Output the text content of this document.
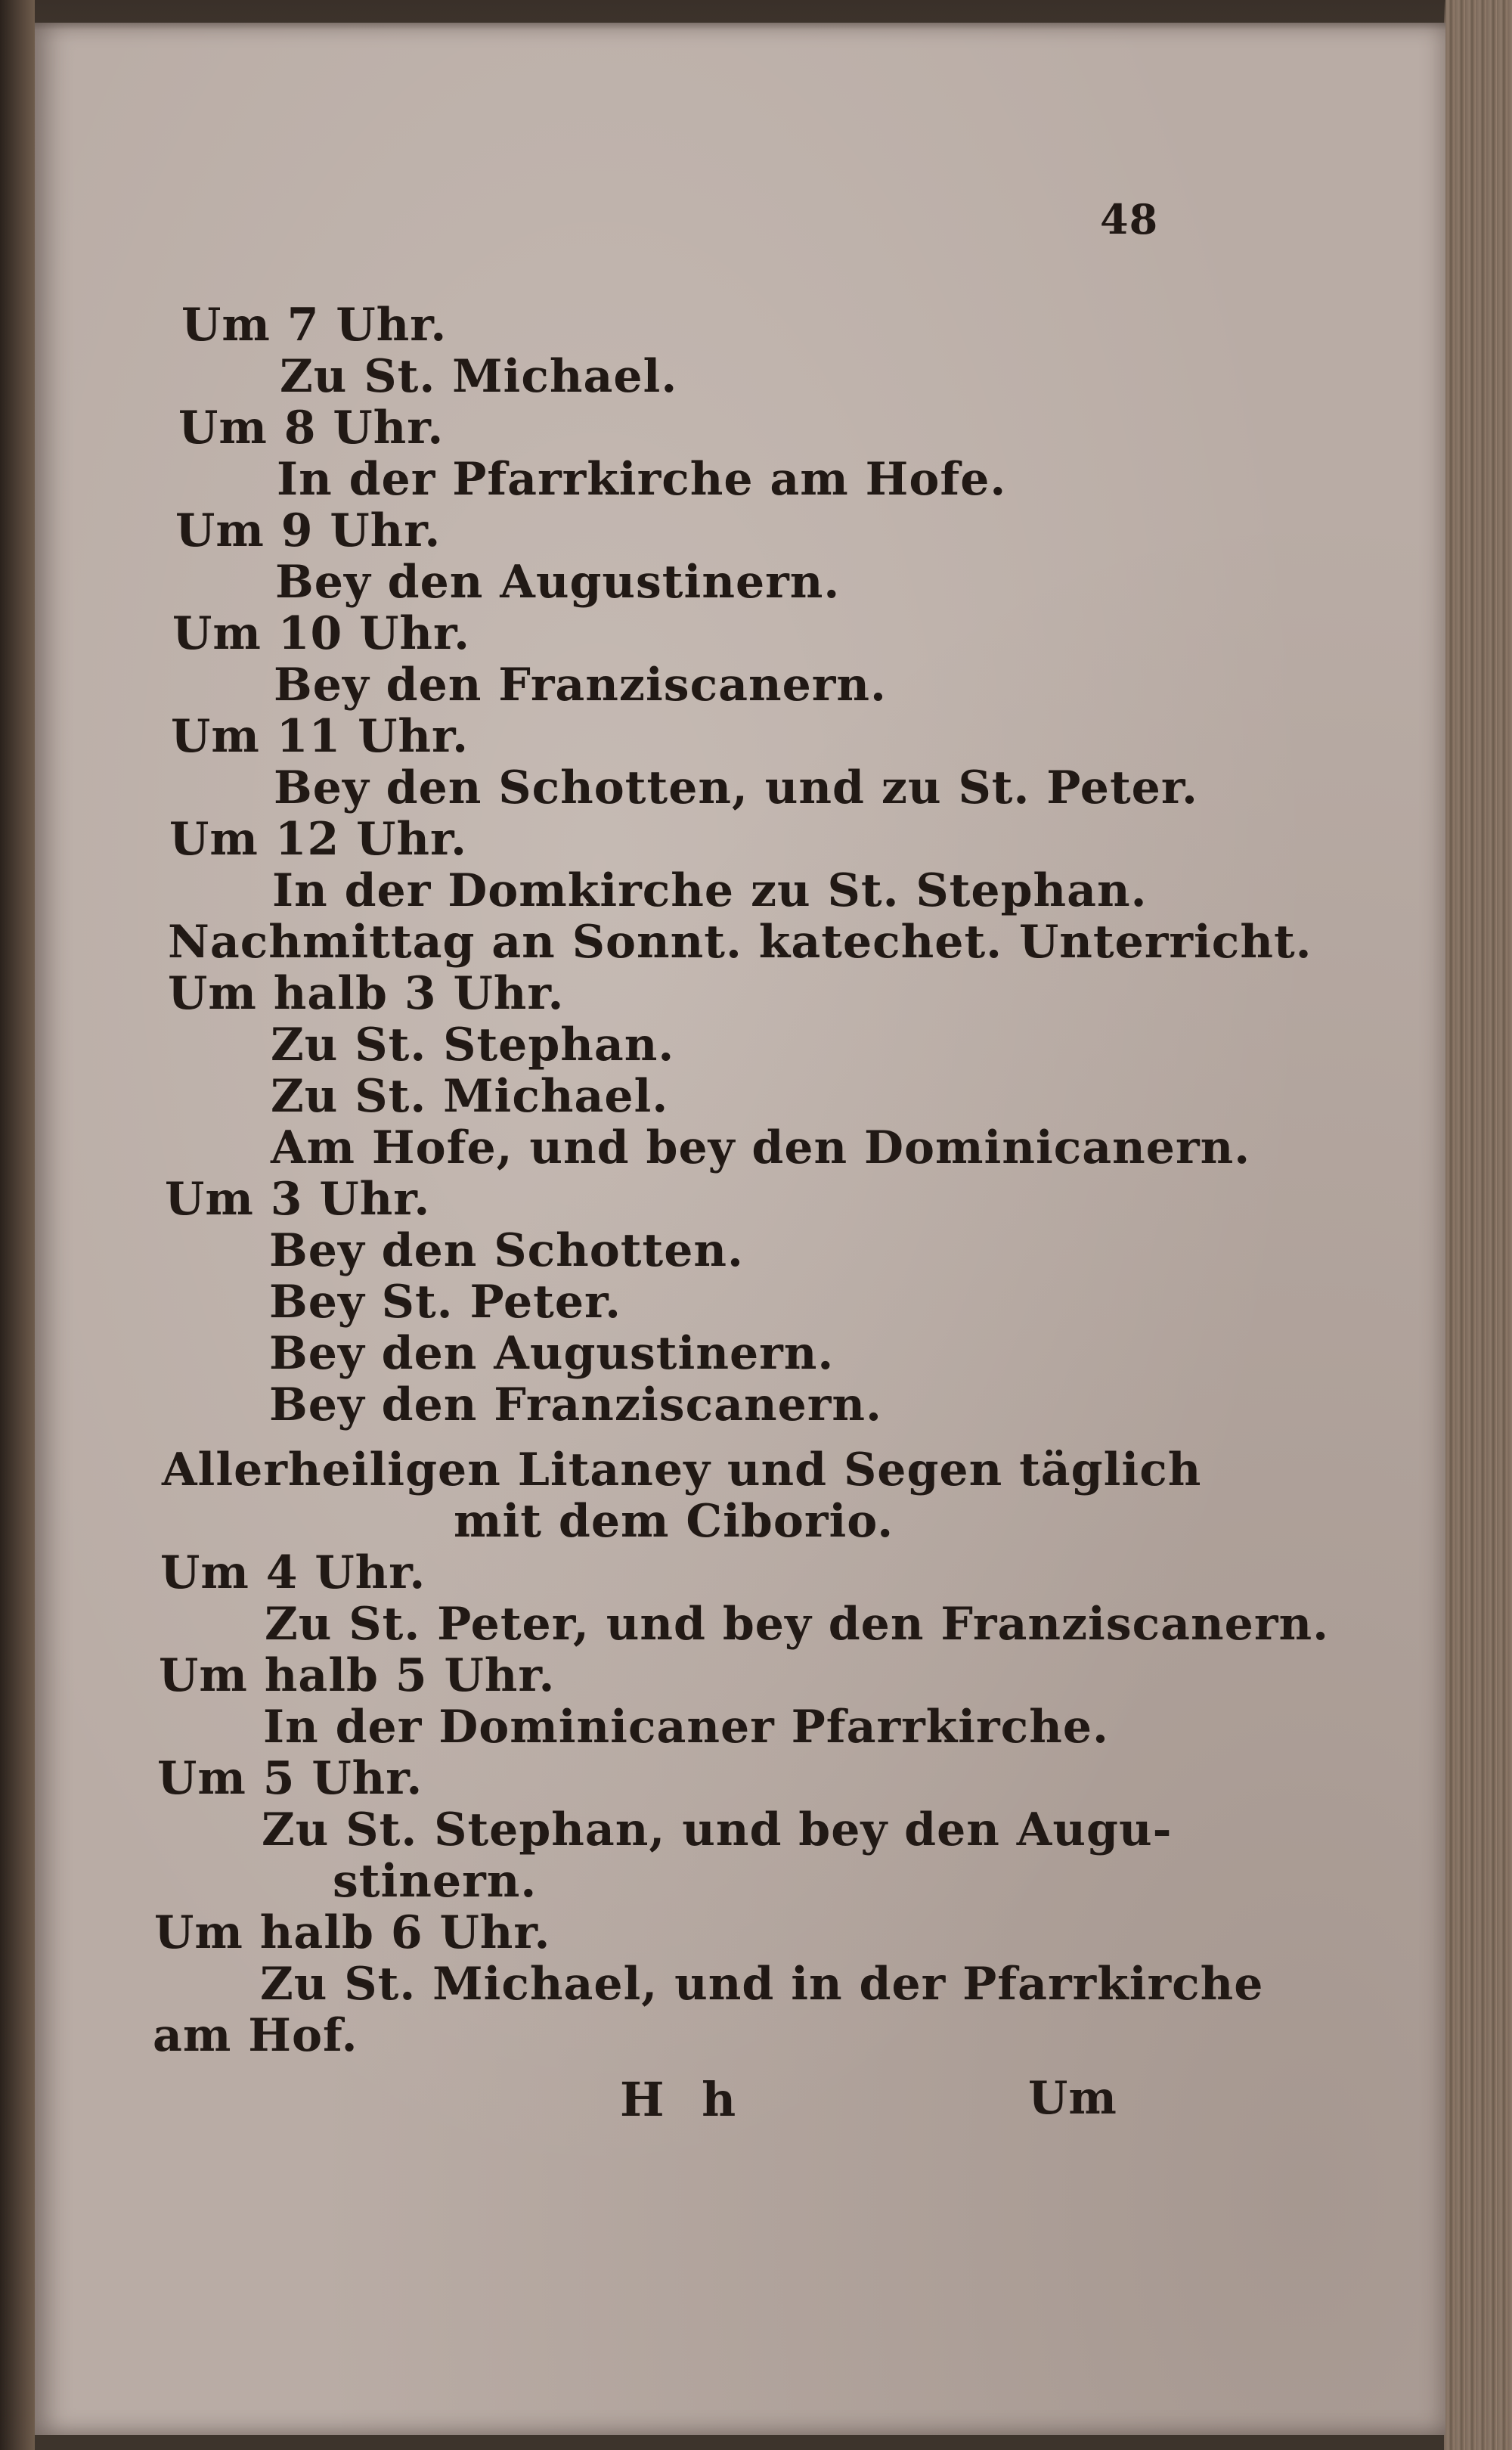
48

Um 7 Uhr.

Zu St. Michael.

Um 8 Uhr.

In der Pfarrkirche am Hofe.

Um 9 Uhr.

Bey den Augustinern.

Um 10 Uhr.

Bey den Franziscanern.

Um 11 Uhr.

Bey den Schotten, und zu St. Peter.

Um 12 Uhr.

In der Domkirche zu St. Stephan.

Nachmittag an Sonnt. katechet. Unterricht.

Um halb 3 Uhr.

Zu St. Stephan.

Zu St. Michael.

Am Hofe, und bey den Dominicanern.

Um 3 Uhr.

Bey den Schotten.

Bey St. Peter.

Bey den Augustinern.

Bey den Franziscanern.

Allerheiligen Litaney und Segen täglich

mit dem Ciborio.

Um 4 Uhr.

Zu St. Peter, und bey den Franziscanern.

Um halb 5 Uhr.

In der Dominicaner Pfarrkirche.

Um 5 Uhr.

Zu St. Stephan, und bey den Augu-

stinern.

Um halb 6 Uhr.

Zu St. Michael, und in der Pfarrkirche

am Hof.

H h	Um
